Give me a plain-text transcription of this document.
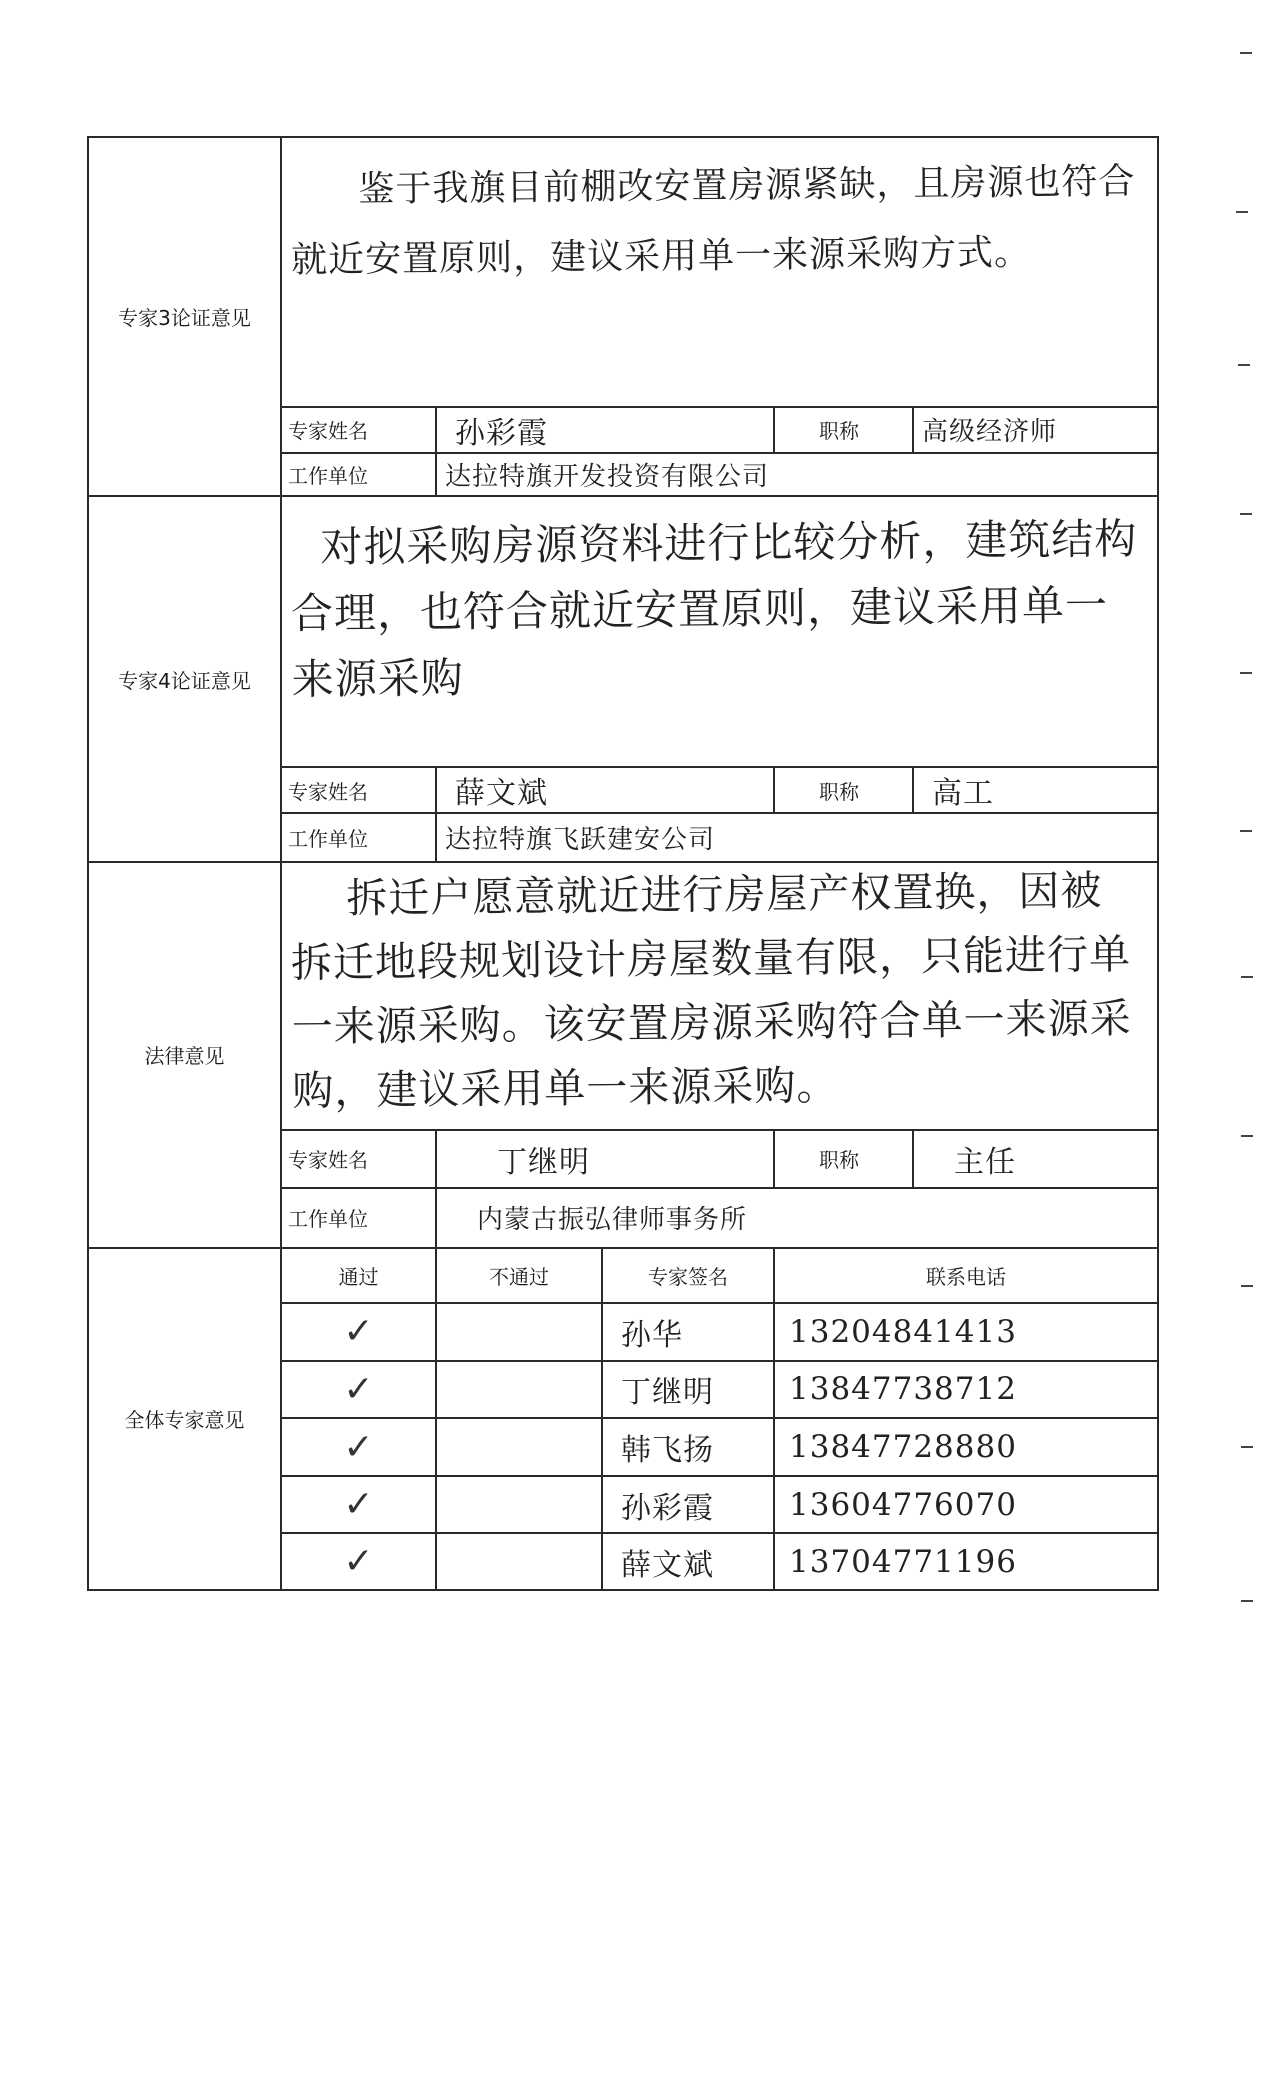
专家3论证意见	鉴于我旗目前棚改安置房源紧缺，且房源也符合就近安置原则，建议采用单一来源采购方式。				

	专家姓名	孙彩霞		职称	高级经济师
	工作单位	达拉特旗开发投资有限公司			
专家4论证意见	对拟采购房源资料进行比较分析，建筑结构合理，也符合就近安置原则，建议采用单一来源采购				

	专家姓名	薛文斌		职称	高工
	工作单位	达拉特旗飞跃建安公司			
法律意见	拆迁户愿意就近进行房屋产权置换，因被拆迁地段规划设计房屋数量有限，只能进行单一来源采购。该安置房源采购符合单一来源采购，建议采用单一来源采购。				

	专家姓名	丁继明		职称	主任
	工作单位	内蒙古振弘律师事务所			
全体专家意见	通过	不通过	专家签名	联系电话	
	✓		孙华	13204841413	
	✓		丁继明	13847738712	
	✓		韩飞扬	13847728880	
	✓		孙彩霞	13604776070	
	✓		薛文斌	13704771196	
